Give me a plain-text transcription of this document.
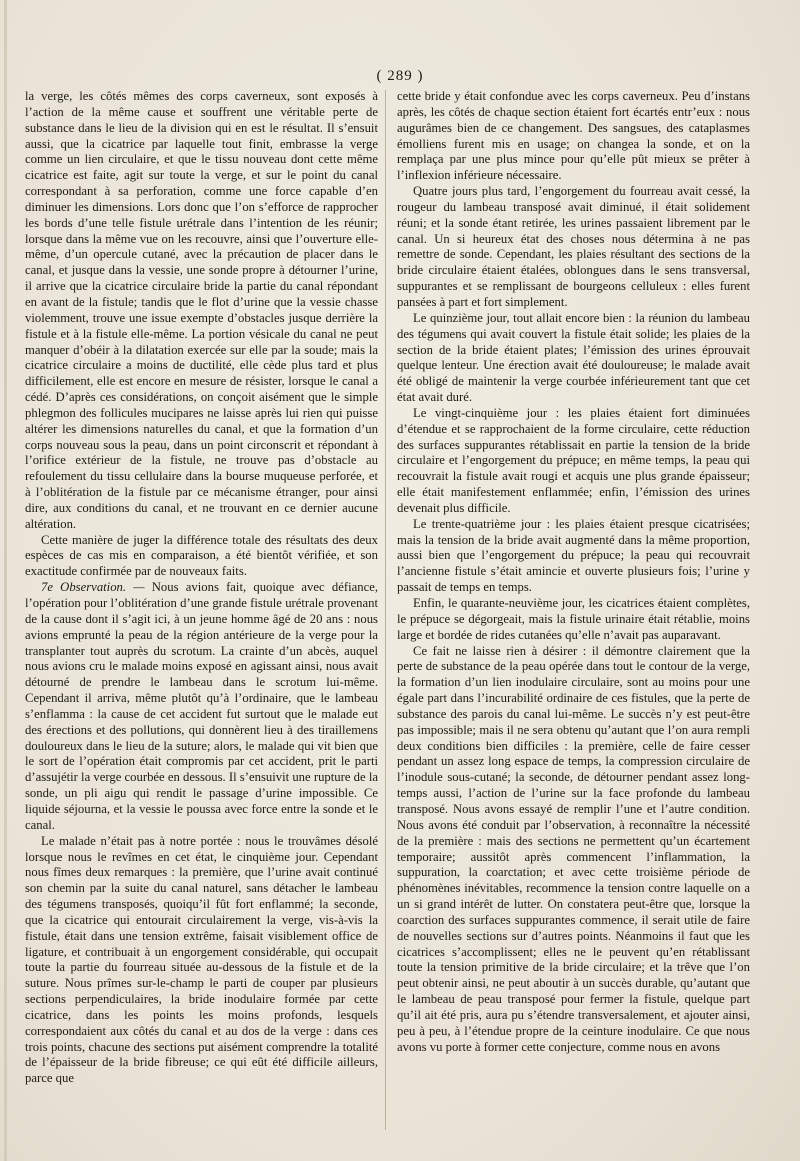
( 289 )

la verge, les côtés mêmes des corps caverneux, sont exposés à l’action de la même cause et souffrent une véritable perte de substance dans le lieu de la division qui en est le résultat. Il s’ensuit aussi, que la cicatrice par laquelle tout finit, embrasse la verge comme un lien circulaire, et que le tissu nouveau dont cette même cicatrice est faite, agit sur toute la verge, et sur le point du canal correspondant à sa perforation, comme une force capable d’en diminuer les dimensions. Lors donc que l’on s’efforce de rapprocher les bords d’une telle fistule urétrale dans l’intention de les réunir; lorsque dans la même vue on les recouvre, ainsi que l’ouverture elle-même, d’un opercule cutané, avec la précaution de placer dans le canal, et jusque dans la vessie, une sonde propre à détourner l’urine, il arrive que la cicatrice circulaire bride la partie du canal répondant en avant de la fistule; tandis que le flot d’urine que la vessie chasse violemment, trouve une issue exempte d’obstacles jusque derrière la fistule et à la fistule elle-même. La portion vésicale du canal ne peut manquer d’obéir à la dilatation exercée sur elle par la soude; mais la cicatrice circulaire a moins de ductilité, elle cède plus tard et plus difficilement, elle est encore en mesure de résister, lorsque le canal a cédé. D’après ces considérations, on conçoit aisément que le simple phlegmon des follicules mucipares ne laisse après lui rien qui puisse altérer les dimensions naturelles du canal, et que la formation d’un corps nouveau sous la peau, dans un point circonscrit et répondant à l’orifice extérieur de la fistule, ne trouve pas d’obstacle au refoulement du tissu cellulaire dans la bourse muqueuse perforée, et à l’oblitération de la fistule par ce mécanisme étranger, pour ainsi dire, aux conditions du canal, et ne trouvant en ce dernier aucune altération.

Cette manière de juger la différence totale des résultats des deux espèces de cas mis en comparaison, a été bientôt vérifiée, et son exactitude confirmée par de nouveaux faits.

7e Observation. — Nous avions fait, quoique avec défiance, l’opération pour l’oblitération d’une grande fistule urétrale provenant de la cause dont il s’agit ici, à un jeune homme âgé de 20 ans : nous avions emprunté la peau de la région antérieure de la verge pour la transplanter tout auprès du scrotum. La crainte d’un abcès, auquel nous avions cru le malade moins exposé en agissant ainsi, nous avait détourné de prendre le lambeau dans le scrotum lui-même. Cependant il arriva, même plutôt qu’à l’ordinaire, que le lambeau s’enflamma : la cause de cet accident fut surtout que le malade eut des érections et des pollutions, qui donnèrent lieu à des tiraillemens douloureux dans le lieu de la suture; alors, le malade qui vit bien que le sort de l’opération était compromis par cet accident, prit le parti d’assujétir la verge courbée en dessous. Il s’ensuivit une rupture de la sonde, un pli aigu qui rendit le passage d’urine impossible. Ce liquide séjourna, et la vessie le poussa avec force entre la sonde et le canal.

Le malade n’était pas à notre portée : nous le trouvâmes désolé lorsque nous le revîmes en cet état, le cinquième jour. Cependant nous fîmes deux remarques : la première, que l’urine avait continué son chemin par la suite du canal naturel, sans détacher le lambeau des tégumens transposés, quoiqu’il fût fort enflammé; la seconde, que la cicatrice qui entourait circulairement la verge, vis-à-vis la fistule, était dans une tension extrême, faisait visiblement office de ligature, et contribuait à un engorgement considérable, qui occupait toute la partie du fourreau située au-dessous de la fistule et de la suture. Nous prîmes sur-le-champ le parti de couper par plusieurs sections perpendiculaires, la bride inodulaire formée par cette cicatrice, dans les points les moins profonds, lesquels correspondaient aux côtés du canal et au dos de la verge : dans ces trois points, chacune des sections put aisément comprendre la totalité de l’épaisseur de la bride fibreuse; ce qui eût été difficile ailleurs, parce que

cette bride y était confondue avec les corps caverneux. Peu d’instans après, les côtés de chaque section étaient fort écartés entr’eux : nous augurâmes bien de ce changement. Des sangsues, des cataplasmes émolliens furent mis en usage; on changea la sonde, et on la remplaça par une plus mince pour qu’elle pût mieux se prêter à l’inflexion inférieure nécessaire.

Quatre jours plus tard, l’engorgement du fourreau avait cessé, la rougeur du lambeau transposé avait diminué, il était solidement réuni; et la sonde étant retirée, les urines passaient librement par le canal. Un si heureux état des choses nous détermina à ne pas remettre de sonde. Cependant, les plaies résultant des sections de la bride circulaire étaient étalées, oblongues dans le sens transversal, suppurantes et se remplissant de bourgeons celluleux : elles furent pansées à part et fort simplement.

Le quinzième jour, tout allait encore bien : la réunion du lambeau des tégumens qui avait couvert la fistule était solide; les plaies de la section de la bride étaient plates; l’émission des urines éprouvait quelque lenteur. Une érection avait été douloureuse; le malade avait été obligé de maintenir la verge courbée inférieurement tant que cet état avait duré.

Le vingt-cinquième jour : les plaies étaient fort diminuées d’étendue et se rapprochaient de la forme circulaire, cette réduction des surfaces suppurantes rétablissait en partie la tension de la bride circulaire et l’engorgement du prépuce; en même temps, la peau qui recouvrait la fistule avait rougi et acquis une plus grande épaisseur; elle était manifestement enflammée; enfin, l’émission des urines devenait plus difficile.

Le trente-quatrième jour : les plaies étaient presque cicatrisées; mais la tension de la bride avait augmenté dans la même proportion, aussi bien que l’engorgement du prépuce; la peau qui recouvrait l’ancienne fistule s’était amincie et ouverte plusieurs fois; l’urine y passait de temps en temps.

Enfin, le quarante-neuvième jour, les cicatrices étaient complètes, le prépuce se dégorgeait, mais la fistule urinaire était rétablie, moins large et bordée de rides cutanées qu’elle n’avait pas auparavant.

Ce fait ne laisse rien à désirer : il démontre clairement que la perte de substance de la peau opérée dans tout le contour de la verge, la formation d’un lien inodulaire circulaire, sont au moins pour une égale part dans l’incurabilité ordinaire de ces fistules, que la perte de substance des parois du canal lui-même. Le succès n’y est peut-être pas impossible; mais il ne sera obtenu qu’autant que l’on aura rempli deux conditions bien difficiles : la première, celle de faire cesser pendant un assez long espace de temps, la compression circulaire de l’inodule sous-cutané; la seconde, de détourner pendant assez long-temps aussi, l’action de l’urine sur la face profonde du lambeau transposé. Nous avons essayé de remplir l’une et l’autre condition. Nous avons été conduit par l’observation, à reconnaître la nécessité de la première : mais des sections ne permettent qu’un écartement temporaire; aussitôt après commencent l’inflammation, la suppuration, la coarctation; et avec cette troisième période de phénomènes inévitables, recommence la tension contre laquelle on a un si grand intérêt de lutter. On constatera peut-être que, lorsque la coarction des surfaces suppurantes commence, il serait utile de faire de nouvelles sections sur d’autres points. Néanmoins il faut que les cicatrices s’accomplissent; elles ne le peuvent qu’en rétablissant toute la tension primitive de la bride circulaire; et la trêve que l’on peut obtenir ainsi, ne peut aboutir à un succès durable, qu’autant que le lambeau de peau transposé pour fermer la fistule, quelque part qu’il ait été pris, aura pu s’étendre transversalement, et ajouter ainsi, peu à peu, à l’étendue propre de la ceinture inodulaire. Ce que nous avons vu porte à former cette conjecture, comme nous en avons
